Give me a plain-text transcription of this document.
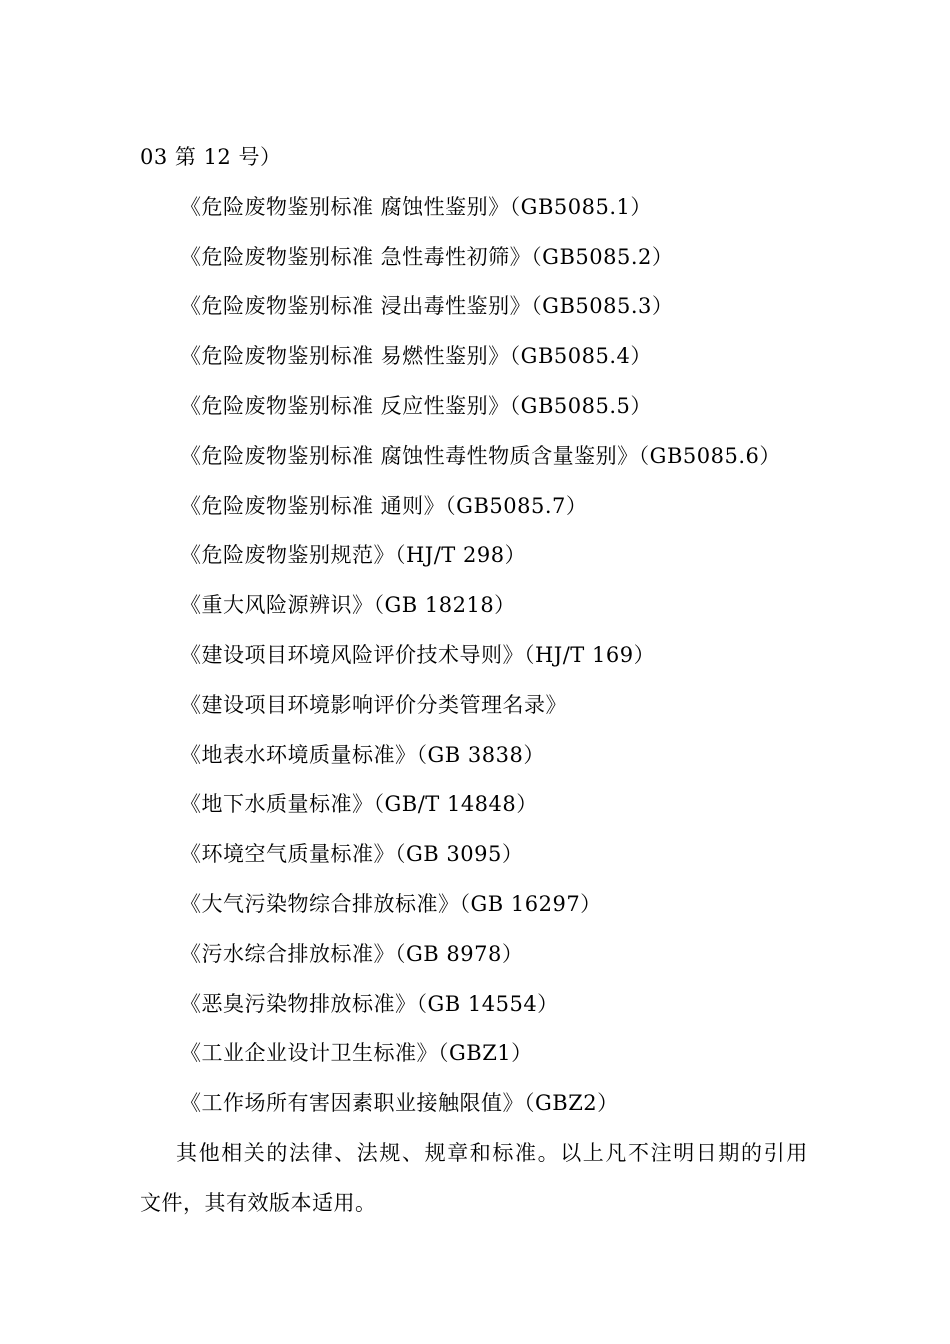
03 第 12 号）
《危险废物鉴别标准 腐蚀性鉴别》（GB5085.1）
《危险废物鉴别标准 急性毒性初筛》（GB5085.2）
《危险废物鉴别标准 浸出毒性鉴别》（GB5085.3）
《危险废物鉴别标准 易燃性鉴别》（GB5085.4）
《危险废物鉴别标准 反应性鉴别》（GB5085.5）
《危险废物鉴别标准 腐蚀性毒性物质含量鉴别》（GB5085.6）
《危险废物鉴别标准 通则》（GB5085.7）
《危险废物鉴别规范》（HJ/T 298）
《重大风险源辨识》（GB 18218）
《建设项目环境风险评价技术导则》（HJ/T 169）
《建设项目环境影响评价分类管理名录》
《地表水环境质量标准》（GB 3838）
《地下水质量标准》（GB/T 14848）
《环境空气质量标准》（GB 3095）
《大气污染物综合排放标准》（GB 16297）
《污水综合排放标准》（GB 8978）
《恶臭污染物排放标准》（GB 14554）
《工业企业设计卫生标准》（GBZ1）
《工作场所有害因素职业接触限值》（GBZ2）
其他相关的法律、法规、规章和标准。以上凡不注明日期的引用
文件，其有效版本适用。
